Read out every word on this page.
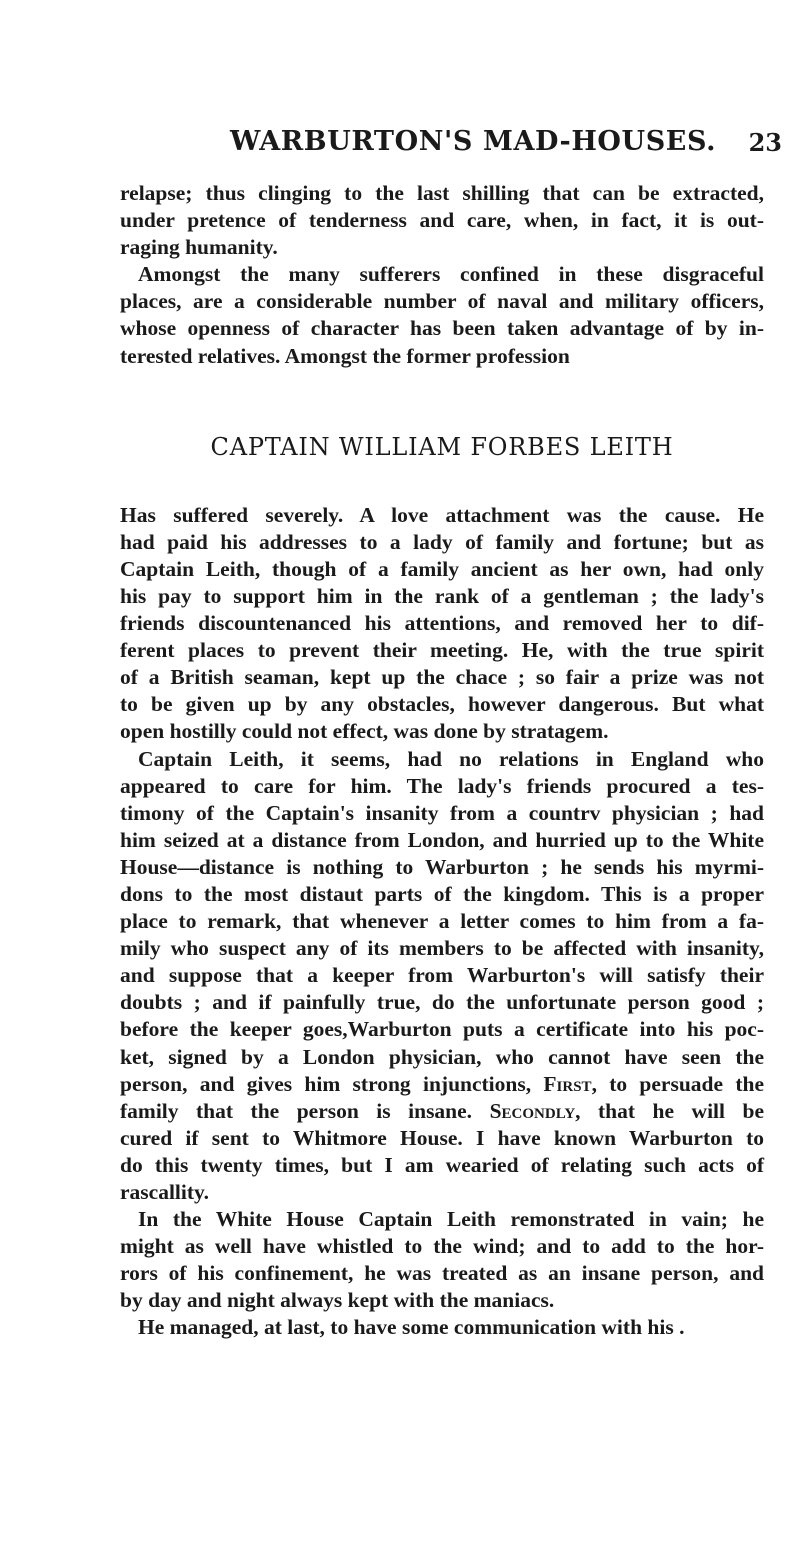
WARBURTON'S MAD-HOUSES. 23
relapse; thus clinging to the last shilling that can be extracted,
under pretence of tenderness and care, when, in fact, it is out-
raging humanity.
Amongst the many sufferers confined in these disgraceful
places, are a considerable number of naval and military officers,
whose openness of character has been taken advantage of by in-
terested relatives. Amongst the former profession
CAPTAIN WILLIAM FORBES LEITH
Has suffered severely. A love attachment was the cause. He
had paid his addresses to a lady of family and fortune; but as
Captain Leith, though of a family ancient as her own, had only
his pay to support him in the rank of a gentleman ; the lady's
friends discountenanced his attentions, and removed her to dif-
ferent places to prevent their meeting. He, with the true spirit
of a British seaman, kept up the chace ; so fair a prize was not
to be given up by any obstacles, however dangerous. But what
open hostilly could not effect, was done by stratagem.
Captain Leith, it seems, had no relations in England who
appeared to care for him. The lady's friends procured a tes-
timony of the Captain's insanity from a countrv physician ; had
him seized at a distance from London, and hurried up to the White
House—distance is nothing to Warburton ; he sends his myrmi-
dons to the most distaut parts of the kingdom. This is a proper
place to remark, that whenever a letter comes to him from a fa-
mily who suspect any of its members to be affected with insanity,
and suppose that a keeper from Warburton's will satisfy their
doubts ; and if painfully true, do the unfortunate person good ;
before the keeper goes,Warburton puts a certificate into his poc-
ket, signed by a London physician, who cannot have seen the
person, and gives him strong injunctions, First, to persuade the
family that the person is insane. Secondly, that he will be
cured if sent to Whitmore House. I have known Warburton to
do this twenty times, but I am wearied of relating such acts of
rascallity.
In the White House Captain Leith remonstrated in vain; he
might as well have whistled to the wind; and to add to the hor-
rors of his confinement, he was treated as an insane person, and
by day and night always kept with the maniacs.
He managed, at last, to have some communication with his .
